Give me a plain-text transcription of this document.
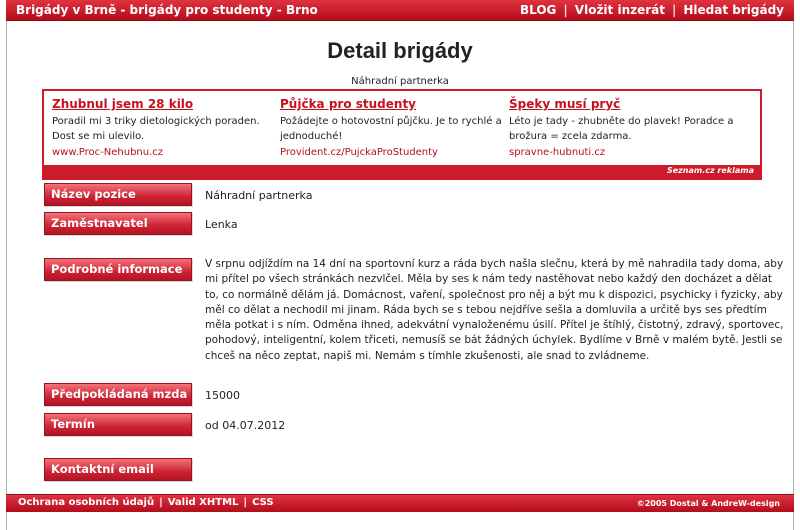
Brigády v Brně - brigády pro studenty - Brno	BLOG | Vložit inzerát | Hledat brigády
Detail brigády
Náhradní partnerka
Zhubnul jsem 28 kilo
Poradil mi 3 triky dietologických poraden. Dost se mi ulevilo.
www.Proc-Nehubnu.cz
Půjčka pro studenty
Požádejte o hotovostní půjčku. Je to rychlé a jednoduché!
Provident.cz/PujckaProStudenty
Špeky musí pryč
Léto je tady - zhubněte do plavek! Poradce a brožura = zcela zdarma.
spravne-hubnuti.cz
Seznam.cz reklama
Název pozice	Náhradní partnerka
Zaměstnavatel	Lenka
Podrobné informace	V srpnu odjíždím na 14 dní na sportovní kurz a ráda bych našla slečnu, která by mě nahradila tady doma, aby mi přítel po všech stránkách nezvlčel. Měla by ses k nám tedy nastěhovat nebo každý den docházet a dělat to, co normálně dělám já. Domácnost, vaření, společnost pro něj a být mu k dispozici, psychicky i fyzicky, aby měl co dělat a nechodil mi jinam. Ráda bych se s tebou nejdříve sešla a domluvila a určitě bys ses předtím měla potkat i s ním. Odměna ihned, adekvátní vynaloženému úsilí. Přítel je štíhlý, čistotný, zdravý, sportovec, pohodový, inteligentní, kolem třiceti, nemusíš se bát žádných úchylek. Bydlíme v Brně v malém bytě. Jestli se chceš na něco zeptat, napiš mi. Nemám s tímhle zkušenosti, ale snad to zvládneme.
Předpokládaná mzda	15000
Termín	od 04.07.2012
Kontaktní email
Ochrana osobních údajů | Valid XHTML | CSS	©2005 Dostal & AndreW-design
